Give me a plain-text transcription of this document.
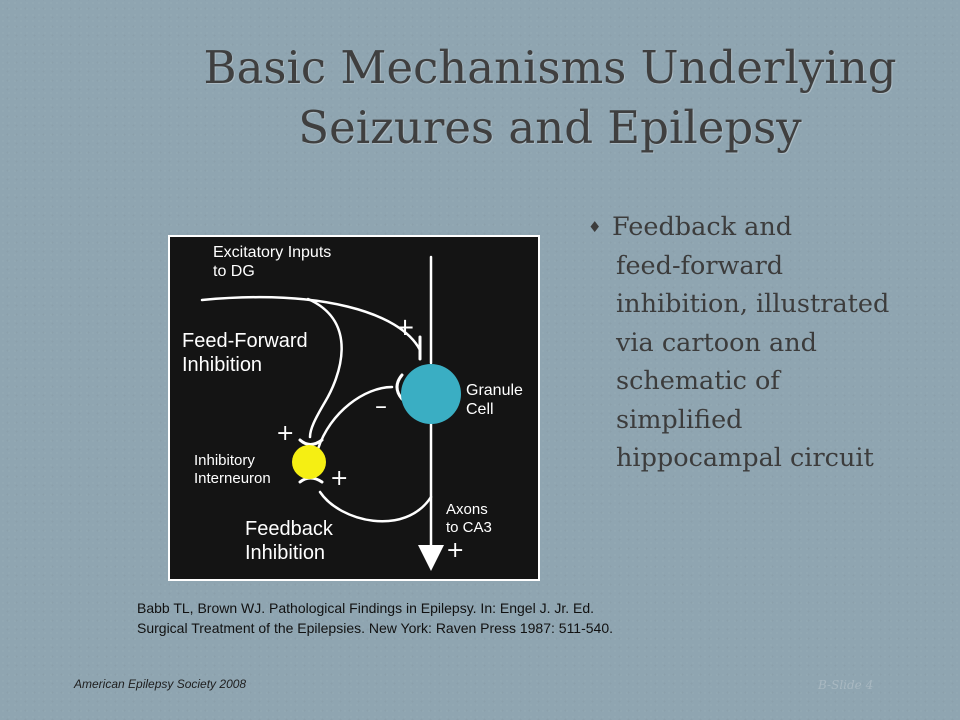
Basic Mechanisms Underlying
Seizures and Epilepsy
♦ Feedback and
feed-forward
inhibition, illustrated
via cartoon and
schematic of
simplified
hippocampal circuit
Excitatory Inputs
to DG
Feed-Forward
Inhibition
Granule
Cell
Inhibitory
Interneuron
Axons
to CA3
Feedback
Inhibition
+
–
+
+
+
Babb TL, Brown WJ. Pathological Findings in Epilepsy. In: Engel J. Jr. Ed.
Surgical Treatment of the Epilepsies. New York: Raven Press 1987: 511-540.
American Epilepsy Society 2008	B-Slide 4
